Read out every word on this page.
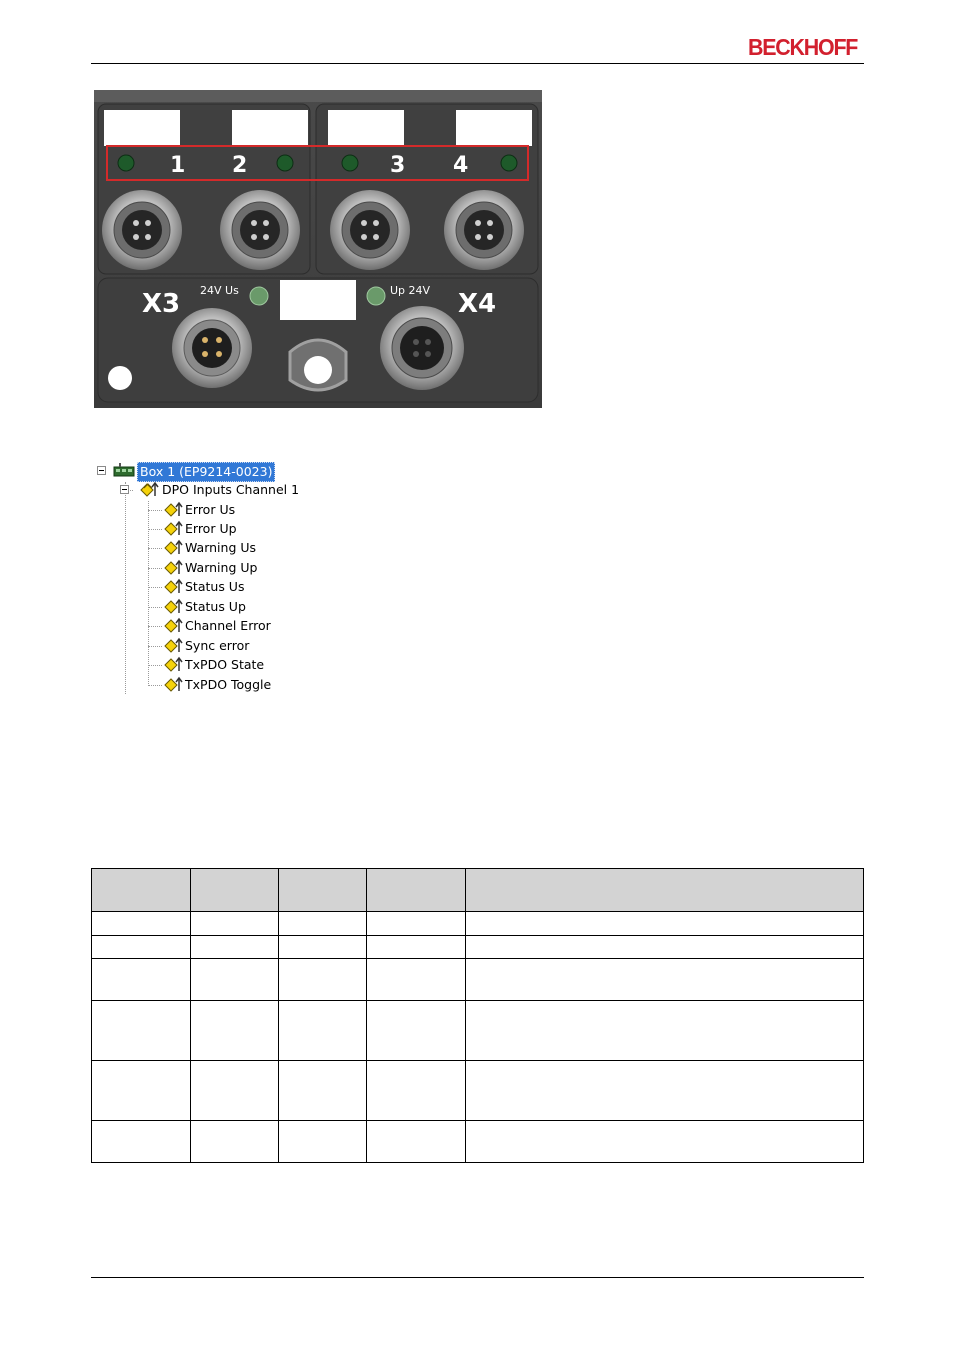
BECKHOFF
1 2	3 4
X3	X4
24V Us	Up 24V
Box 1 (EP9214-0023)
DPO Inputs Channel 1
Error Us
Error Up
Warning Us
Warning Up
Status Us
Status Up
Channel Error
Sync error
TxPDO State
TxPDO Toggle
